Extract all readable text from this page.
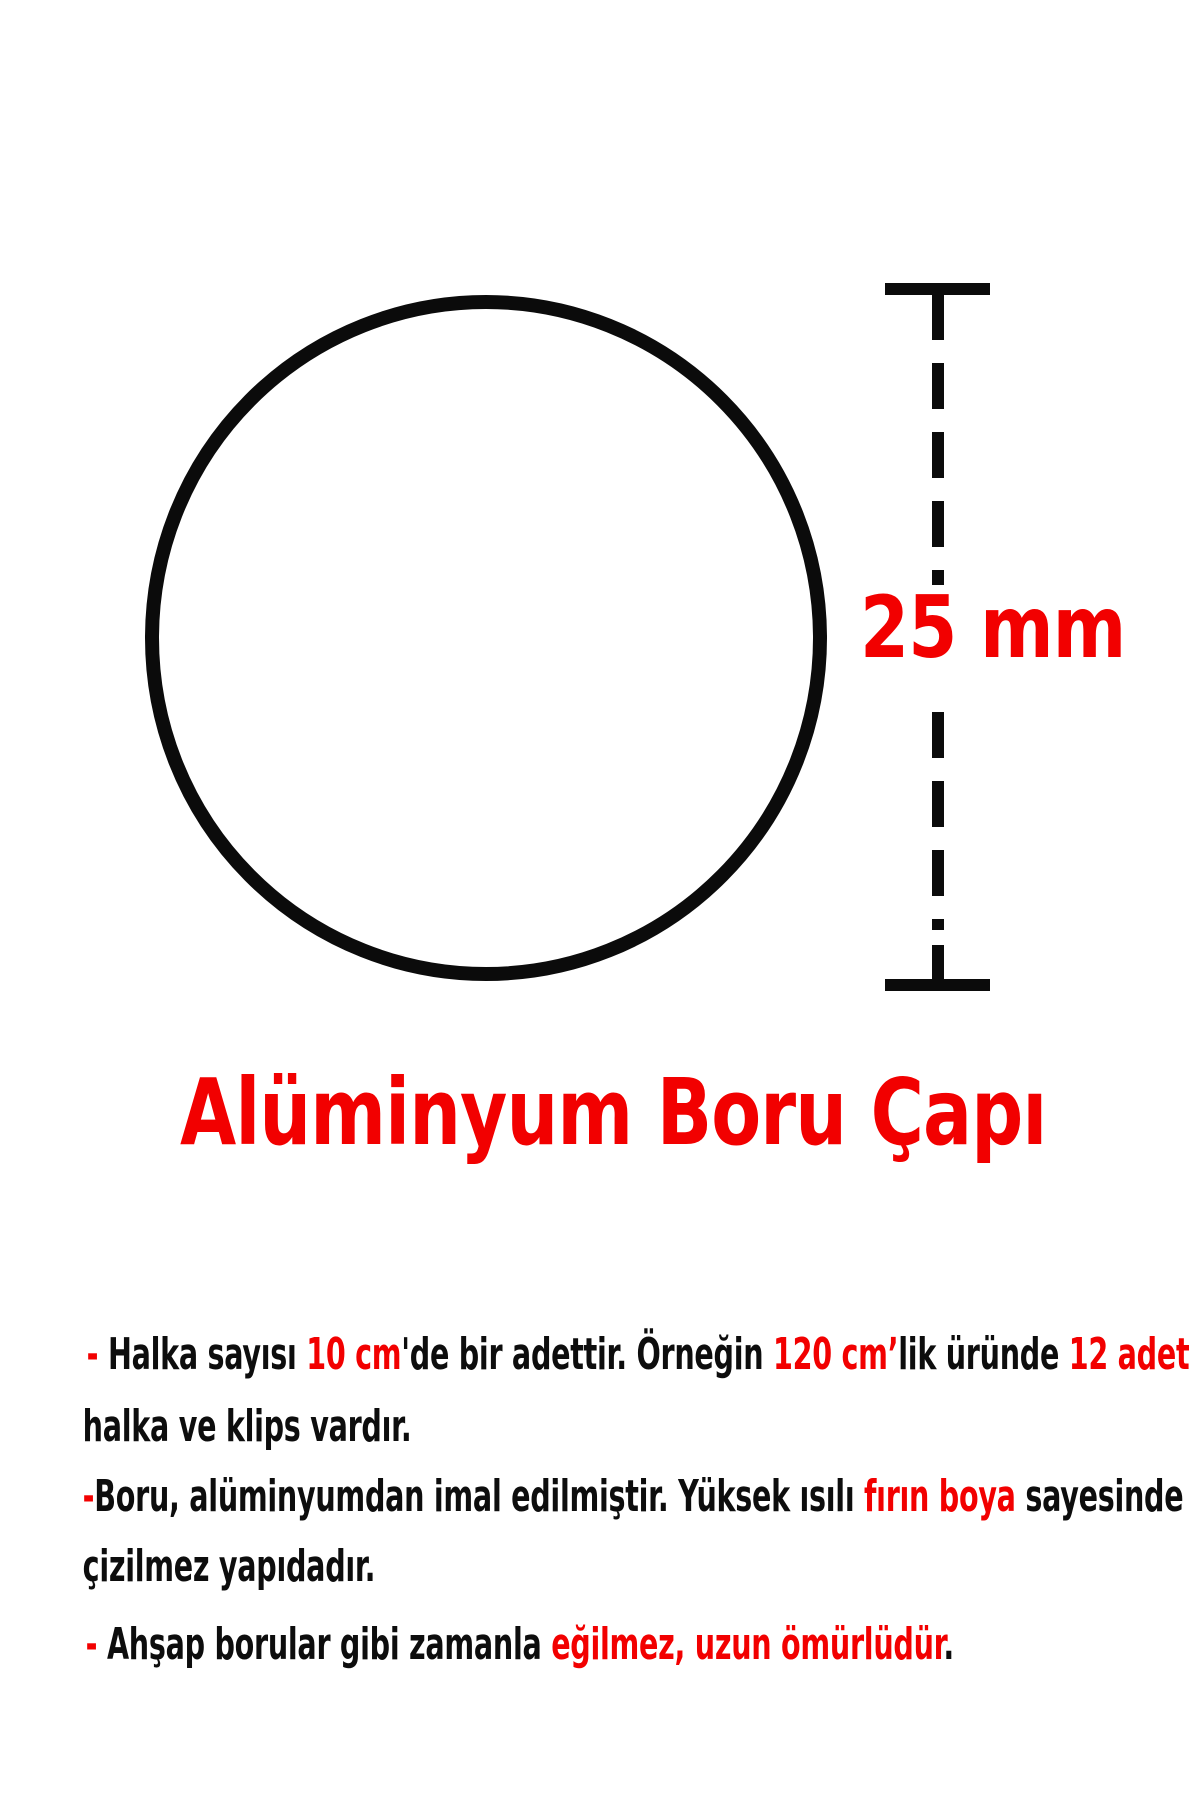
25 mm
Alüminyum Boru Çapı

- Halka sayısı 10 cm'de bir adettir. Örneğin 120 cm’lik üründe 12 adet

halka ve klips vardır.

-Boru, alüminyumdan imal edilmiştir. Yüksek ısılı fırın boya sayesinde

çizilmez yapıdadır.

- Ahşap borular gibi zamanla eğilmez, uzun ömürlüdür.
